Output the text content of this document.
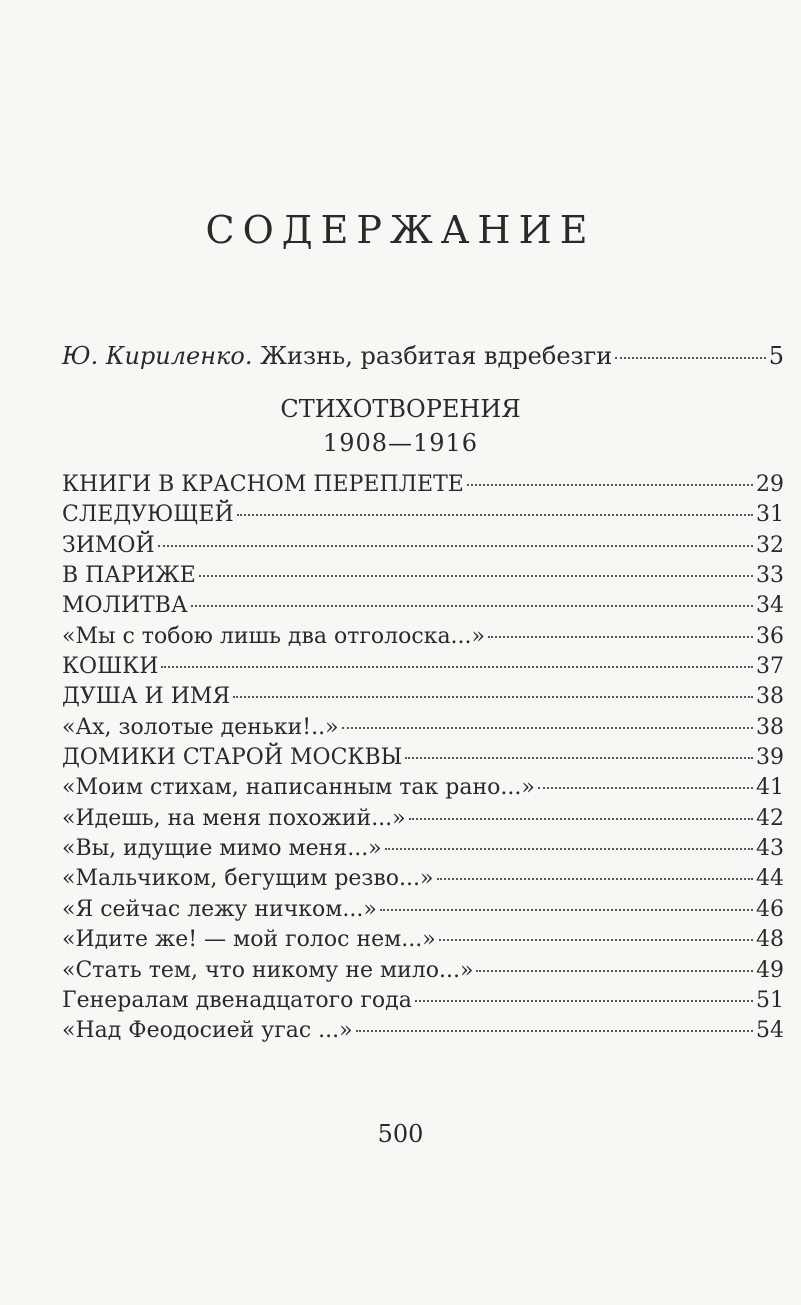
СОДЕРЖАНИЕ
Ю. Кириленко. Жизнь, разбитая вдребезги	5
СТИХОТВОРЕНИЯ
1908—1916
КНИГИ В КРАСНОМ ПЕРЕПЛЕТЕ	29
СЛЕДУЮЩЕЙ	31
ЗИМОЙ	32
В ПАРИЖЕ	33
МОЛИТВА	34
«Мы с тобою лишь два отголоска...»	36
КОШКИ	37
ДУША И ИМЯ	38
«Ах, золотые деньки!..»	38
ДОМИКИ СТАРОЙ МОСКВЫ	39
«Моим стихам, написанным так рано...»	41
«Идешь, на меня похожий...»	42
«Вы, идущие мимо меня...»	43
«Мальчиком, бегущим резво...»	44
«Я сейчас лежу ничком...»	46
«Идите же! — мой голос нем...»	48
«Стать тем, что никому не мило...»	49
Генералам двенадцатого года	51
«Над Феодосией угас ...»	54
500
